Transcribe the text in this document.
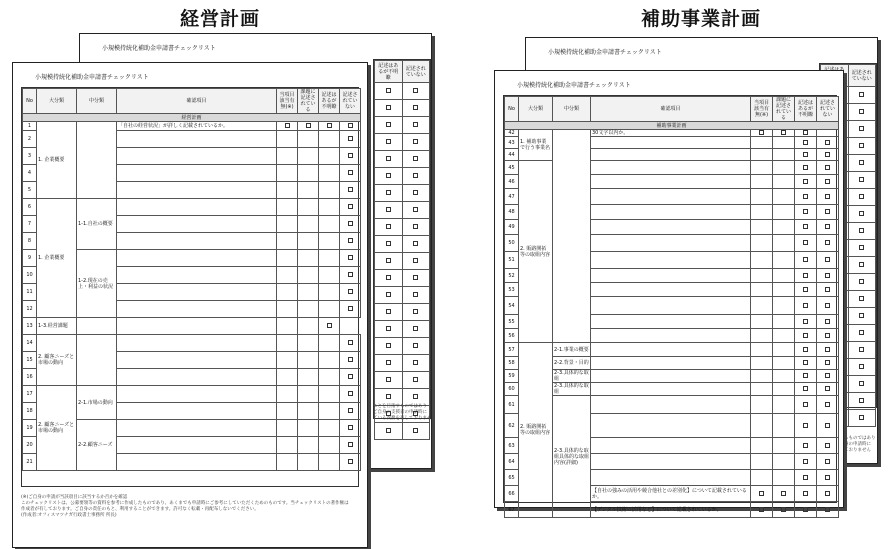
経営計画	補助事業計画
小規模持続化補助金申請書チェックリスト
記述はあるが不明瞭	記述されていない

ことを目指すものではあり
ご自身の支援者の申請時に
ている義務を有しておりませ
小規模持続化補助金申請書チェックリスト
No	大分類	中分類	確認項目	当項目該当有無(※)	課題に記述されている	記述はあるが不明瞭	記述されていない
経営計画							
1	1. 企業概要		「自社の経営状況」が詳しく記載されているか。				
2							
3							
4							
5							
6	1. 企業概要	1-1.自社の概要					
7							
8							
9		1-2.現在の売上・利益の状況					
10							
11							
12							
13	1-3.経営課題						
14	2. 顧客ニーズと市場の動向						
15							
16							
17	2. 顧客ニーズと市場の動向	2-1.市場の動向					
18							
19		2-2.顧客ニーズ					
20							
21							
(※)ご自身の申請が当該項目に該当するか否かを確認
このチェックリストは、公募要領等の資料を参考に作成したものであり、あくまでも申請時にご参考にしていただくためのものです。当チェックリストの著作権は作成者が有しております。ご自身の責任のもと、利用することができます。許可なく転載・再配布しないでください。
(作成者:オフィスマツナガ行政書士事務所 所長)
小規模持続化補助金申請書チェックリスト
	記述されていない

るものではあり
身の申請時に
ておりません
小規模持続化補助金申請書チェックリスト
No	大分類	中分類	確認項目	当項目該当有無(※)	課題に記述されている	記述はあるが不明瞭	記述されていない
補助事業計画							
42	1. 補助事業で行う事業名		30文字以内か。				
43							
44							
45	2. 販路開拓等の取組内容						
46							
47							
48							
49							
50							
51							
52							
53							
54							
55							
56							
57	2. 販路開拓等の取組内容	2-1.事業の概要					
58		2-2.背景・目的					
59		2-3.具体的な取組					
60		2-3.具体的な取組					
61		2-3.具体的な取組具体的な取組内容(詳細)					
62							
63							
64							
65							
66			【自社の強みの活用や競合他社との差別化】について記載されているか。				
67			【デジタル技術の活用など】について記載されているか。				
